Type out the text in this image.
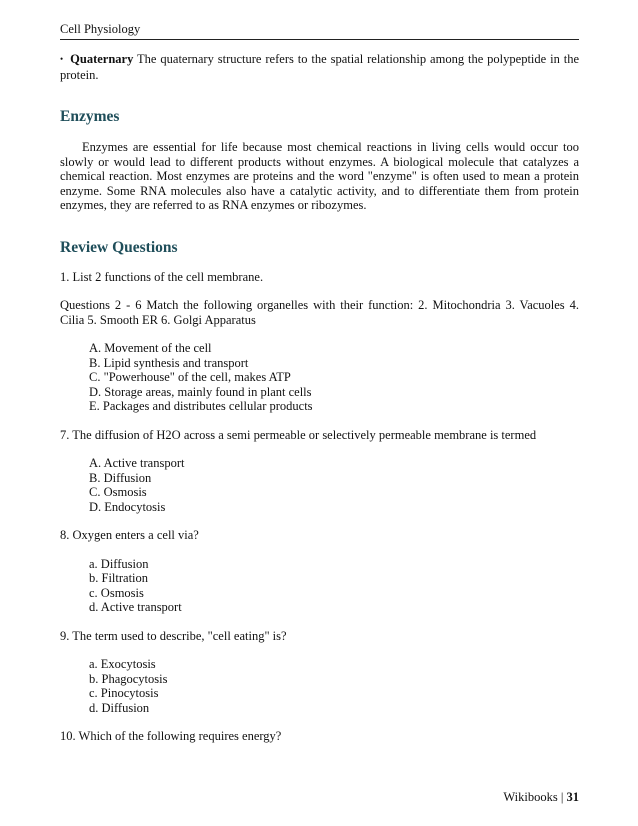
Cell Physiology

• Quaternary The quaternary structure refers to the spatial relationship among the polypeptide in the protein.

Enzymes

Enzymes are essential for life because most chemical reactions in living cells would occur too slowly or would lead to different products without enzymes. A biological molecule that catalyzes a chemical reaction. Most enzymes are proteins and the word "enzyme" is often used to mean a protein enzyme. Some RNA molecules also have a catalytic activity, and to differentiate them from protein enzymes, they are referred to as RNA enzymes or ribozymes.

Review Questions

1. List 2 functions of the cell membrane.

Questions 2 - 6 Match the following organelles with their function: 2. Mitochondria 3. Vacuoles 4. Cilia 5. Smooth ER 6. Golgi Apparatus

A. Movement of the cell
B. Lipid synthesis and transport
C. "Powerhouse" of the cell, makes ATP
D. Storage areas, mainly found in plant cells
E. Packages and distributes cellular products

7. The diffusion of H2O across a semi permeable or selectively permeable membrane is termed

A. Active transport
B. Diffusion
C. Osmosis
D. Endocytosis

8. Oxygen enters a cell via?

a. Diffusion
b. Filtration
c. Osmosis
d. Active transport

9. The term used to describe, "cell eating" is?

a. Exocytosis
b. Phagocytosis
c. Pinocytosis
d. Diffusion

10. Which of the following requires energy?

Wikibooks | 31
